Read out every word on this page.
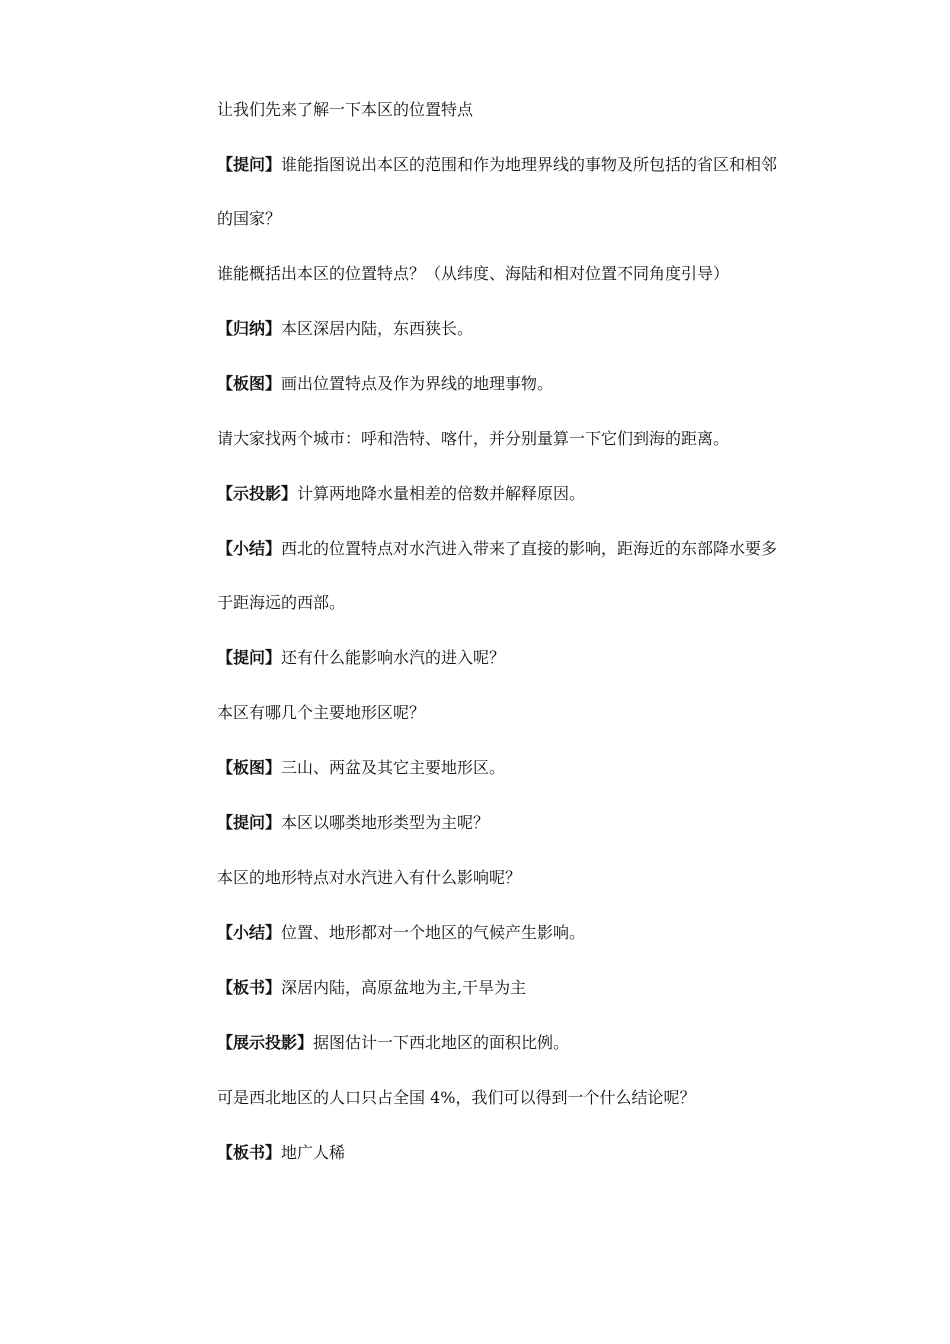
让我们先来了解一下本区的位置特点

【提问】谁能指图说出本区的范围和作为地理界线的事物及所包括的省区和相邻
的国家？

谁能概括出本区的位置特点？（从纬度、海陆和相对位置不同角度引导）

【归纳】本区深居内陆，东西狭长。

【板图】画出位置特点及作为界线的地理事物。

请大家找两个城市：呼和浩特、喀什，并分别量算一下它们到海的距离。

【示投影】计算两地降水量相差的倍数并解释原因。

【小结】西北的位置特点对水汽进入带来了直接的影响，距海近的东部降水要多
于距海远的西部。

【提问】还有什么能影响水汽的进入呢？

本区有哪几个主要地形区呢？

【板图】三山、两盆及其它主要地形区。

【提问】本区以哪类地形类型为主呢？

本区的地形特点对水汽进入有什么影响呢？

【小结】位置、地形都对一个地区的气候产生影响。

【板书】深居内陆，高原盆地为主,干旱为主

【展示投影】据图估计一下西北地区的面积比例。

可是西北地区的人口只占全国 4%，我们可以得到一个什么结论呢？

【板书】地广人稀
